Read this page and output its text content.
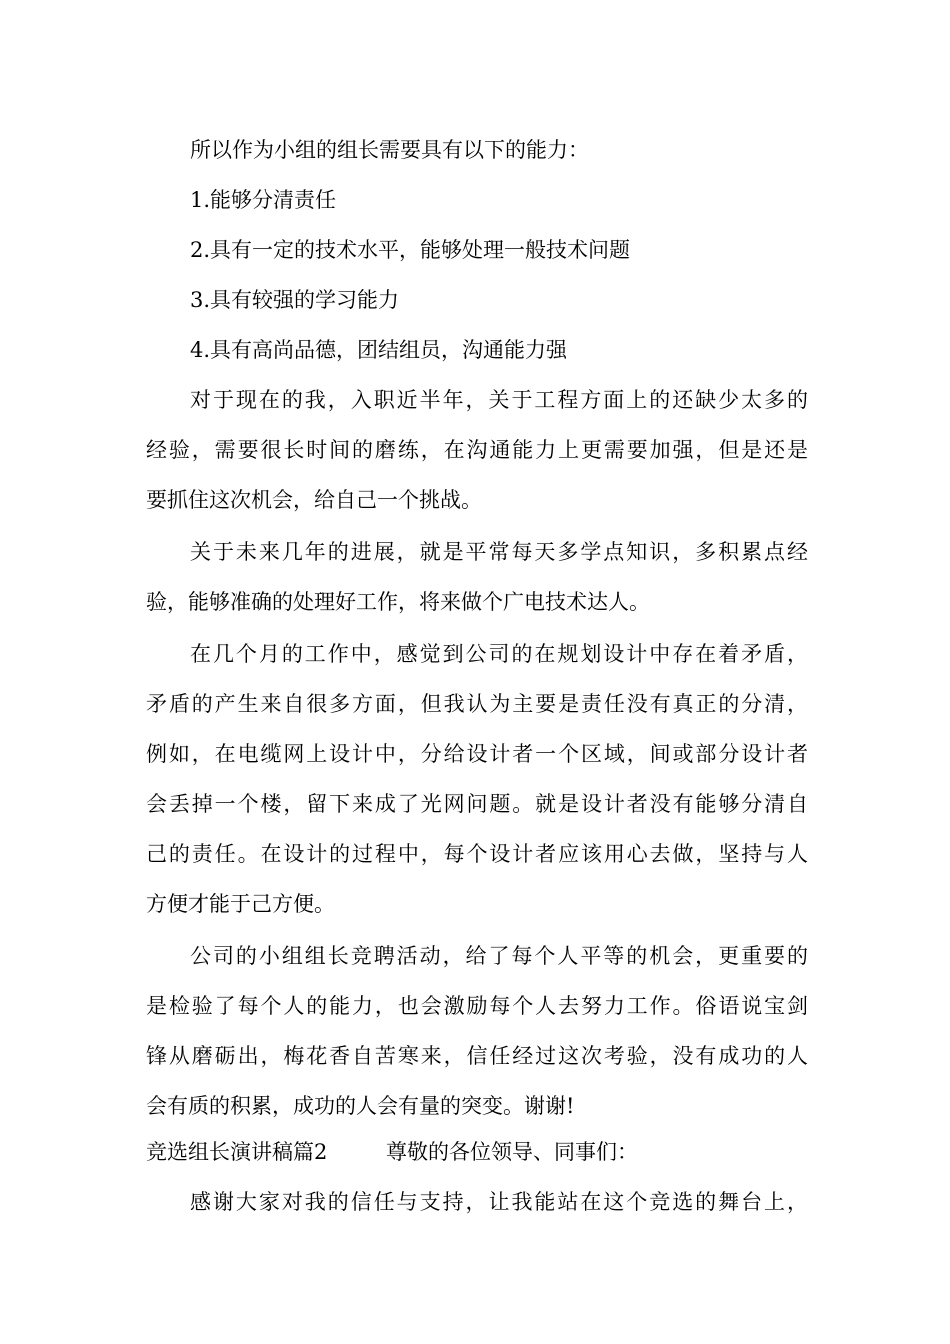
所以作为小组的组长需要具有以下的能力：
1.能够分清责任
2.具有一定的技术水平，能够处理一般技术问题
3.具有较强的学习能力
4.具有高尚品德，团结组员，沟通能力强
对于现在的我，入职近半年，关于工程方面上的还缺少太多的
经验，需要很长时间的磨练，在沟通能力上更需要加强，但是还是
要抓住这次机会，给自己一个挑战。
关于未来几年的进展，就是平常每天多学点知识，多积累点经
验，能够准确的处理好工作，将来做个广电技术达人。
在几个月的工作中，感觉到公司的在规划设计中存在着矛盾，
矛盾的产生来自很多方面，但我认为主要是责任没有真正的分清，
例如，在电缆网上设计中，分给设计者一个区域，间或部分设计者
会丢掉一个楼，留下来成了光网问题。就是设计者没有能够分清自
己的责任。在设计的过程中，每个设计者应该用心去做，坚持与人
方便才能于己方便。
公司的小组组长竞聘活动，给了每个人平等的机会，更重要的
是检验了每个人的能力，也会激励每个人去努力工作。俗语说宝剑
锋从磨砺出，梅花香自苦寒来，信任经过这次考验，没有成功的人
会有质的积累，成功的人会有量的突变。谢谢!
竞选组长演讲稿篇2	尊敬的各位领导、同事们：
感谢大家对我的信任与支持，让我能站在这个竞选的舞台上，
